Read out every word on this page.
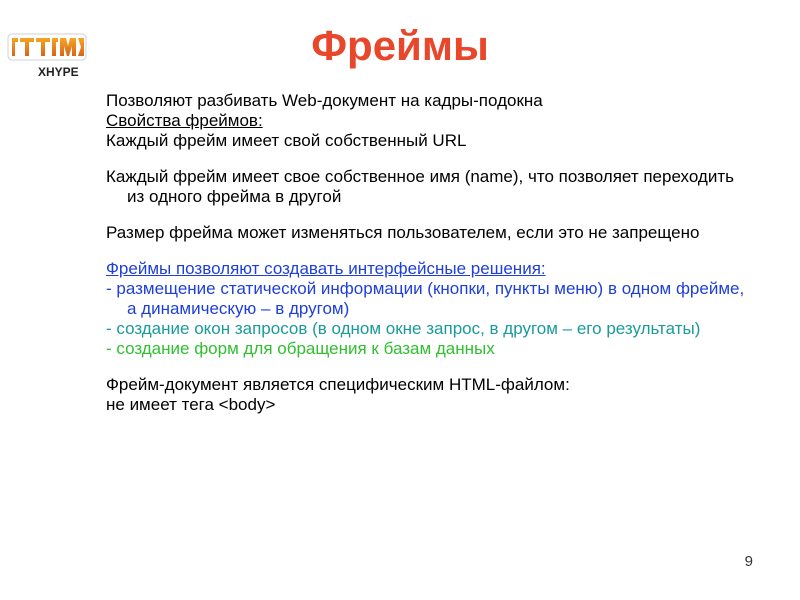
XHYPE
Фреймы

Позволяют разбивать Web-документ на кадры-подокна

Свойства фреймов:

Каждый фрейм имеет свой собственный URL

Каждый фрейм имеет свое собственное имя (name), что позволяет переходить из одного фрейма в другой

Размер фрейма может изменяться пользователем, если это не запрещено

Фреймы позволяют создавать интерфейсные решения:

- размещение статической информации (кнопки, пункты меню) в одном фрейме, а динамическую – в другом)

- создание окон запросов (в одном окне запрос, в другом – его результаты)

- создание форм для обращения к базам данных

Фрейм-документ является специфическим HTML-файлом:

не имеет тега <body>

9
